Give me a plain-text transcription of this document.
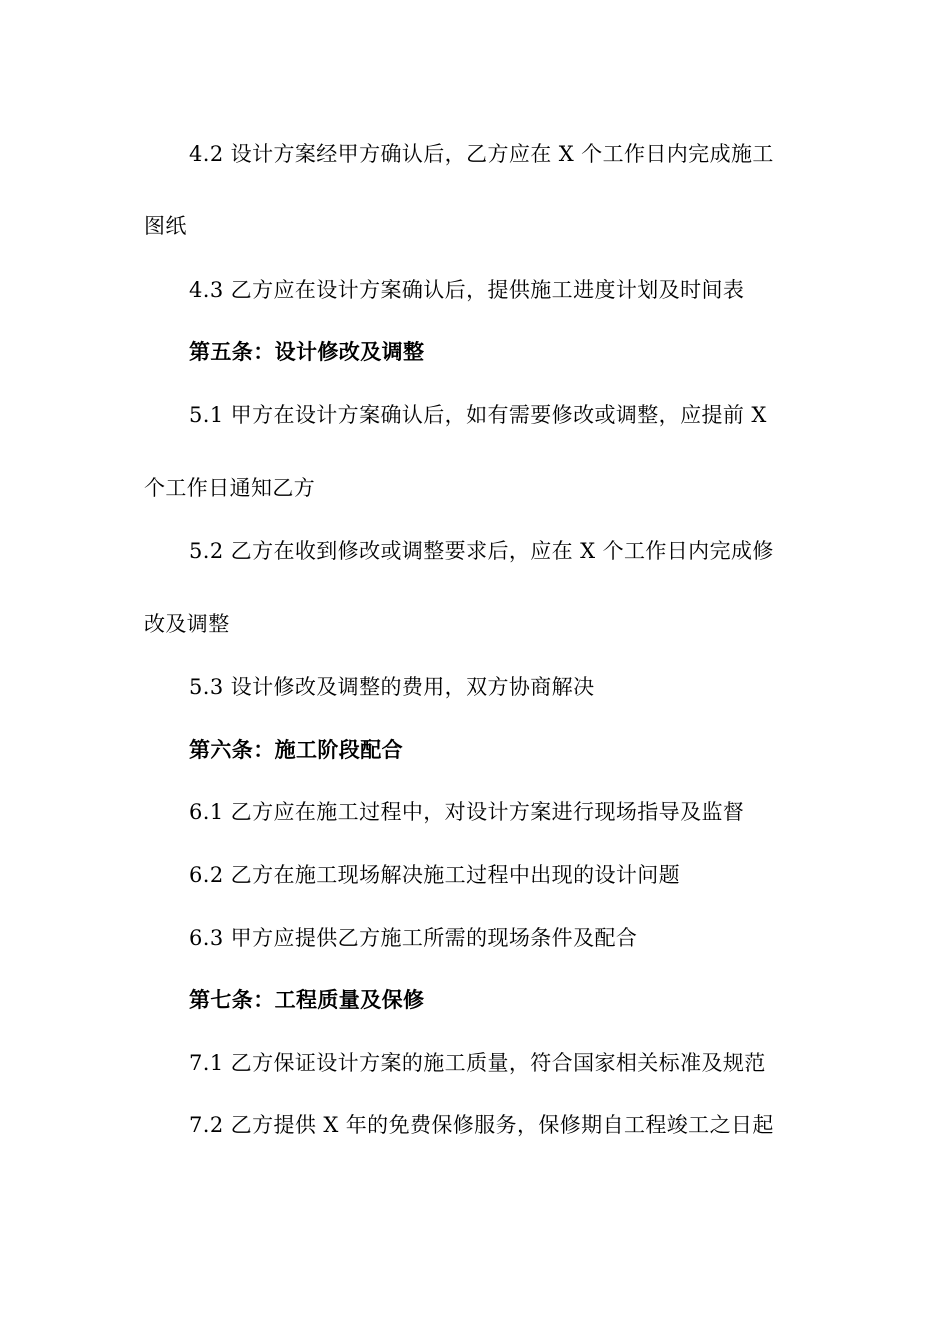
4.2 设计方案经甲方确认后，乙方应在 X 个工作日内完成施工
图纸
4.3 乙方应在设计方案确认后，提供施工进度计划及时间表
第五条：设计修改及调整
5.1 甲方在设计方案确认后，如有需要修改或调整，应提前 X
个工作日通知乙方
5.2 乙方在收到修改或调整要求后，应在 X 个工作日内完成修
改及调整
5.3 设计修改及调整的费用，双方协商解决
第六条：施工阶段配合
6.1 乙方应在施工过程中，对设计方案进行现场指导及监督
6.2 乙方在施工现场解决施工过程中出现的设计问题
6.3 甲方应提供乙方施工所需的现场条件及配合
第七条：工程质量及保修
7.1 乙方保证设计方案的施工质量，符合国家相关标准及规范
7.2 乙方提供 X 年的免费保修服务，保修期自工程竣工之日起
